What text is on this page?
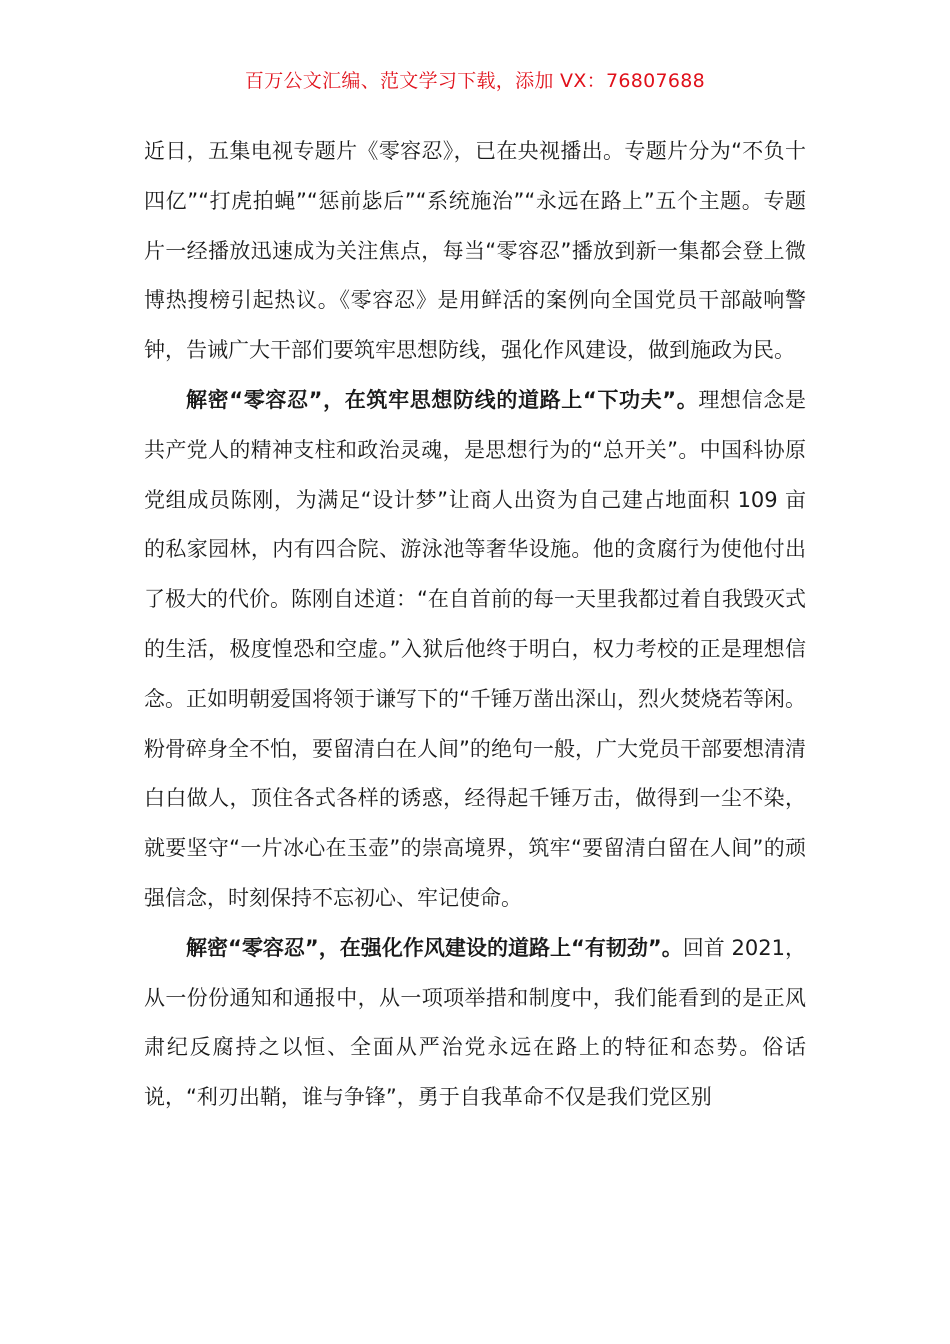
百万公文汇编、范文学习下载，添加 VX：76807688

近日，五集电视专题片《零容忍》，已在央视播出。专题片分为“不负十四亿”“打虎拍蝇”“惩前毖后”“系统施治”“永远在路上”五个主题。专题片一经播放迅速成为关注焦点，每当“零容忍”播放到新一集都会登上微博热搜榜引起热议。《零容忍》是用鲜活的案例向全国党员干部敲响警钟，告诫广大干部们要筑牢思想防线，强化作风建设，做到施政为民。

解密“零容忍”，在筑牢思想防线的道路上“下功夫”。理想信念是共产党人的精神支柱和政治灵魂，是思想行为的“总开关”。中国科协原党组成员陈刚，为满足“设计梦”让商人出资为自己建占地面积 109 亩的私家园林，内有四合院、游泳池等奢华设施。他的贪腐行为使他付出了极大的代价。陈刚自述道：“在自首前的每一天里我都过着自我毁灭式的生活，极度惶恐和空虚。”入狱后他终于明白，权力考校的正是理想信念。正如明朝爱国将领于谦写下的“千锤万凿出深山，烈火焚烧若等闲。粉骨碎身全不怕，要留清白在人间”的绝句一般，广大党员干部要想清清白白做人，顶住各式各样的诱惑，经得起千锤万击，做得到一尘不染，就要坚守“一片冰心在玉壶”的崇高境界，筑牢“要留清白留在人间”的顽强信念，时刻保持不忘初心、牢记使命。

解密“零容忍”，在强化作风建设的道路上“有韧劲”。回首 2021，从一份份通知和通报中，从一项项举措和制度中，我们能看到的是正风肃纪反腐持之以恒、全面从严治党永远在路上的特征和态势。俗话说，“利刃出鞘，谁与争锋”，勇于自我革命不仅是我们党区别
